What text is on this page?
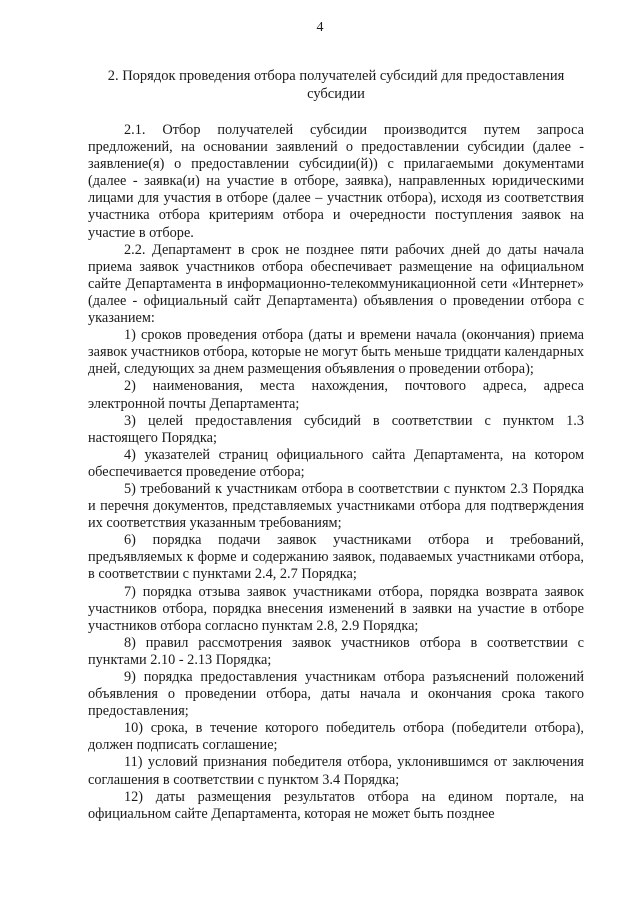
4
2. Порядок проведения отбора получателей субсидий для предоставления субсидии

2.1. Отбор получателей субсидии производится путем запроса предложений, на основании заявлений о предоставлении субсидии (далее - заявление(я) о предоставлении субсидии(й)) с прилагаемыми документами (далее - заявка(и) на участие в отборе, заявка), направленных юридическими лицами для участия в отборе (далее – участник отбора), исходя из соответствия участника отбора критериям отбора и очередности поступления заявок на участие в отборе.

2.2. Департамент в срок не позднее пяти рабочих дней до даты начала приема заявок участников отбора обеспечивает размещение на официальном сайте Департамента в информационно-телекоммуникационной сети «Интернет» (далее - официальный сайт Департамента) объявления о проведении отбора с указанием:

1) сроков проведения отбора (даты и времени начала (окончания) приема заявок участников отбора, которые не могут быть меньше тридцати календарных дней, следующих за днем размещения объявления о проведении отбора);

2) наименования, места нахождения, почтового адреса, адреса электронной почты Департамента;

3) целей предоставления субсидий в соответствии с пунктом 1.3 настоящего Порядка;

4) указателей страниц официального сайта Департамента, на котором обеспечивается проведение отбора;

5) требований к участникам отбора в соответствии с пунктом 2.3 Порядка и перечня документов, представляемых участниками отбора для подтверждения их соответствия указанным требованиям;

6) порядка подачи заявок участниками отбора и требований, предъявляемых к форме и содержанию заявок, подаваемых участниками отбора, в соответствии с пунктами 2.4, 2.7 Порядка;

7) порядка отзыва заявок участниками отбора, порядка возврата заявок участников отбора, порядка внесения изменений в заявки на участие в отборе участников отбора согласно пунктам 2.8, 2.9 Порядка;

8) правил рассмотрения заявок участников отбора в соответствии с пунктами 2.10 - 2.13 Порядка;

9) порядка предоставления участникам отбора разъяснений положений объявления о проведении отбора, даты начала и окончания срока такого предоставления;

10) срока, в течение которого победитель отбора (победители отбора), должен подписать соглашение;

11) условий признания победителя отбора, уклонившимся от заключения соглашения в соответствии с пунктом 3.4 Порядка;

12) даты размещения результатов отбора на едином портале, на официальном сайте Департамента, которая не может быть позднее
